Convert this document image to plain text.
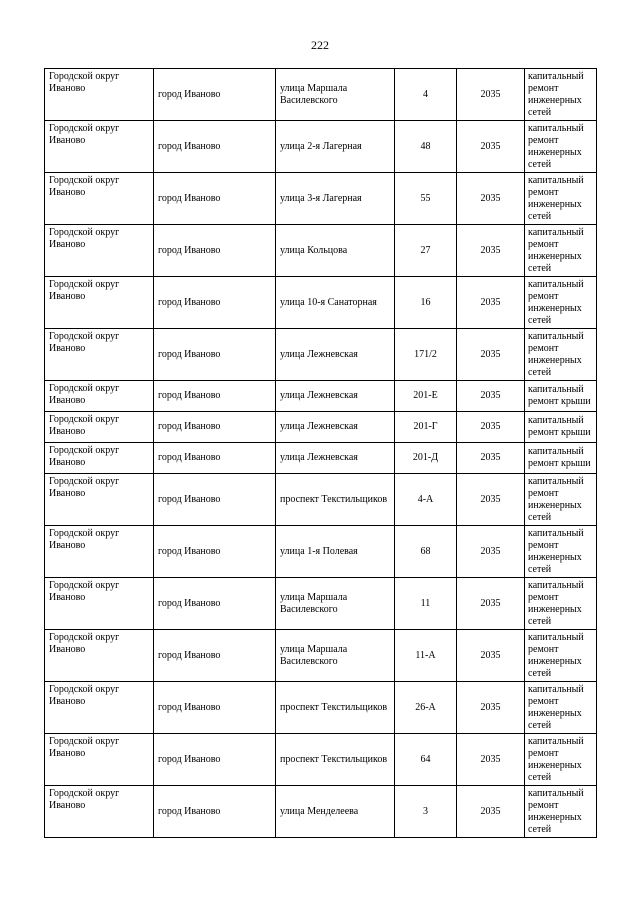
222
Городской округ Иваново	город Иваново	улица Маршала Василевского	4	2035	капитальный ремонт инженерных сетей
Городской округ Иваново	город Иваново	улица 2-я Лагерная	48	2035	капитальный ремонт инженерных сетей
Городской округ Иваново	город Иваново	улица 3-я Лагерная	55	2035	капитальный ремонт инженерных сетей
Городской округ Иваново	город Иваново	улица Кольцова	27	2035	капитальный ремонт инженерных сетей
Городской округ Иваново	город Иваново	улица 10-я Санаторная	16	2035	капитальный ремонт инженерных сетей
Городской округ Иваново	город Иваново	улица Лежневская	171/2	2035	капитальный ремонт инженерных сетей
Городской округ Иваново	город Иваново	улица Лежневская	201-Е	2035	капитальный ремонт крыши
Городской округ Иваново	город Иваново	улица Лежневская	201-Г	2035	капитальный ремонт крыши
Городской округ Иваново	город Иваново	улица Лежневская	201-Д	2035	капитальный ремонт крыши
Городской округ Иваново	город Иваново	проспект Текстильщиков	4-А	2035	капитальный ремонт инженерных сетей
Городской округ Иваново	город Иваново	улица 1-я Полевая	68	2035	капитальный ремонт инженерных сетей
Городской округ Иваново	город Иваново	улица Маршала Василевского	11	2035	капитальный ремонт инженерных сетей
Городской округ Иваново	город Иваново	улица Маршала Василевского	11-А	2035	капитальный ремонт инженерных сетей
Городской округ Иваново	город Иваново	проспект Текстильщиков	26-А	2035	капитальный ремонт инженерных сетей
Городской округ Иваново	город Иваново	проспект Текстильщиков	64	2035	капитальный ремонт инженерных сетей
Городской округ Иваново	город Иваново	улица Менделеева	3	2035	капитальный ремонт инженерных сетей
